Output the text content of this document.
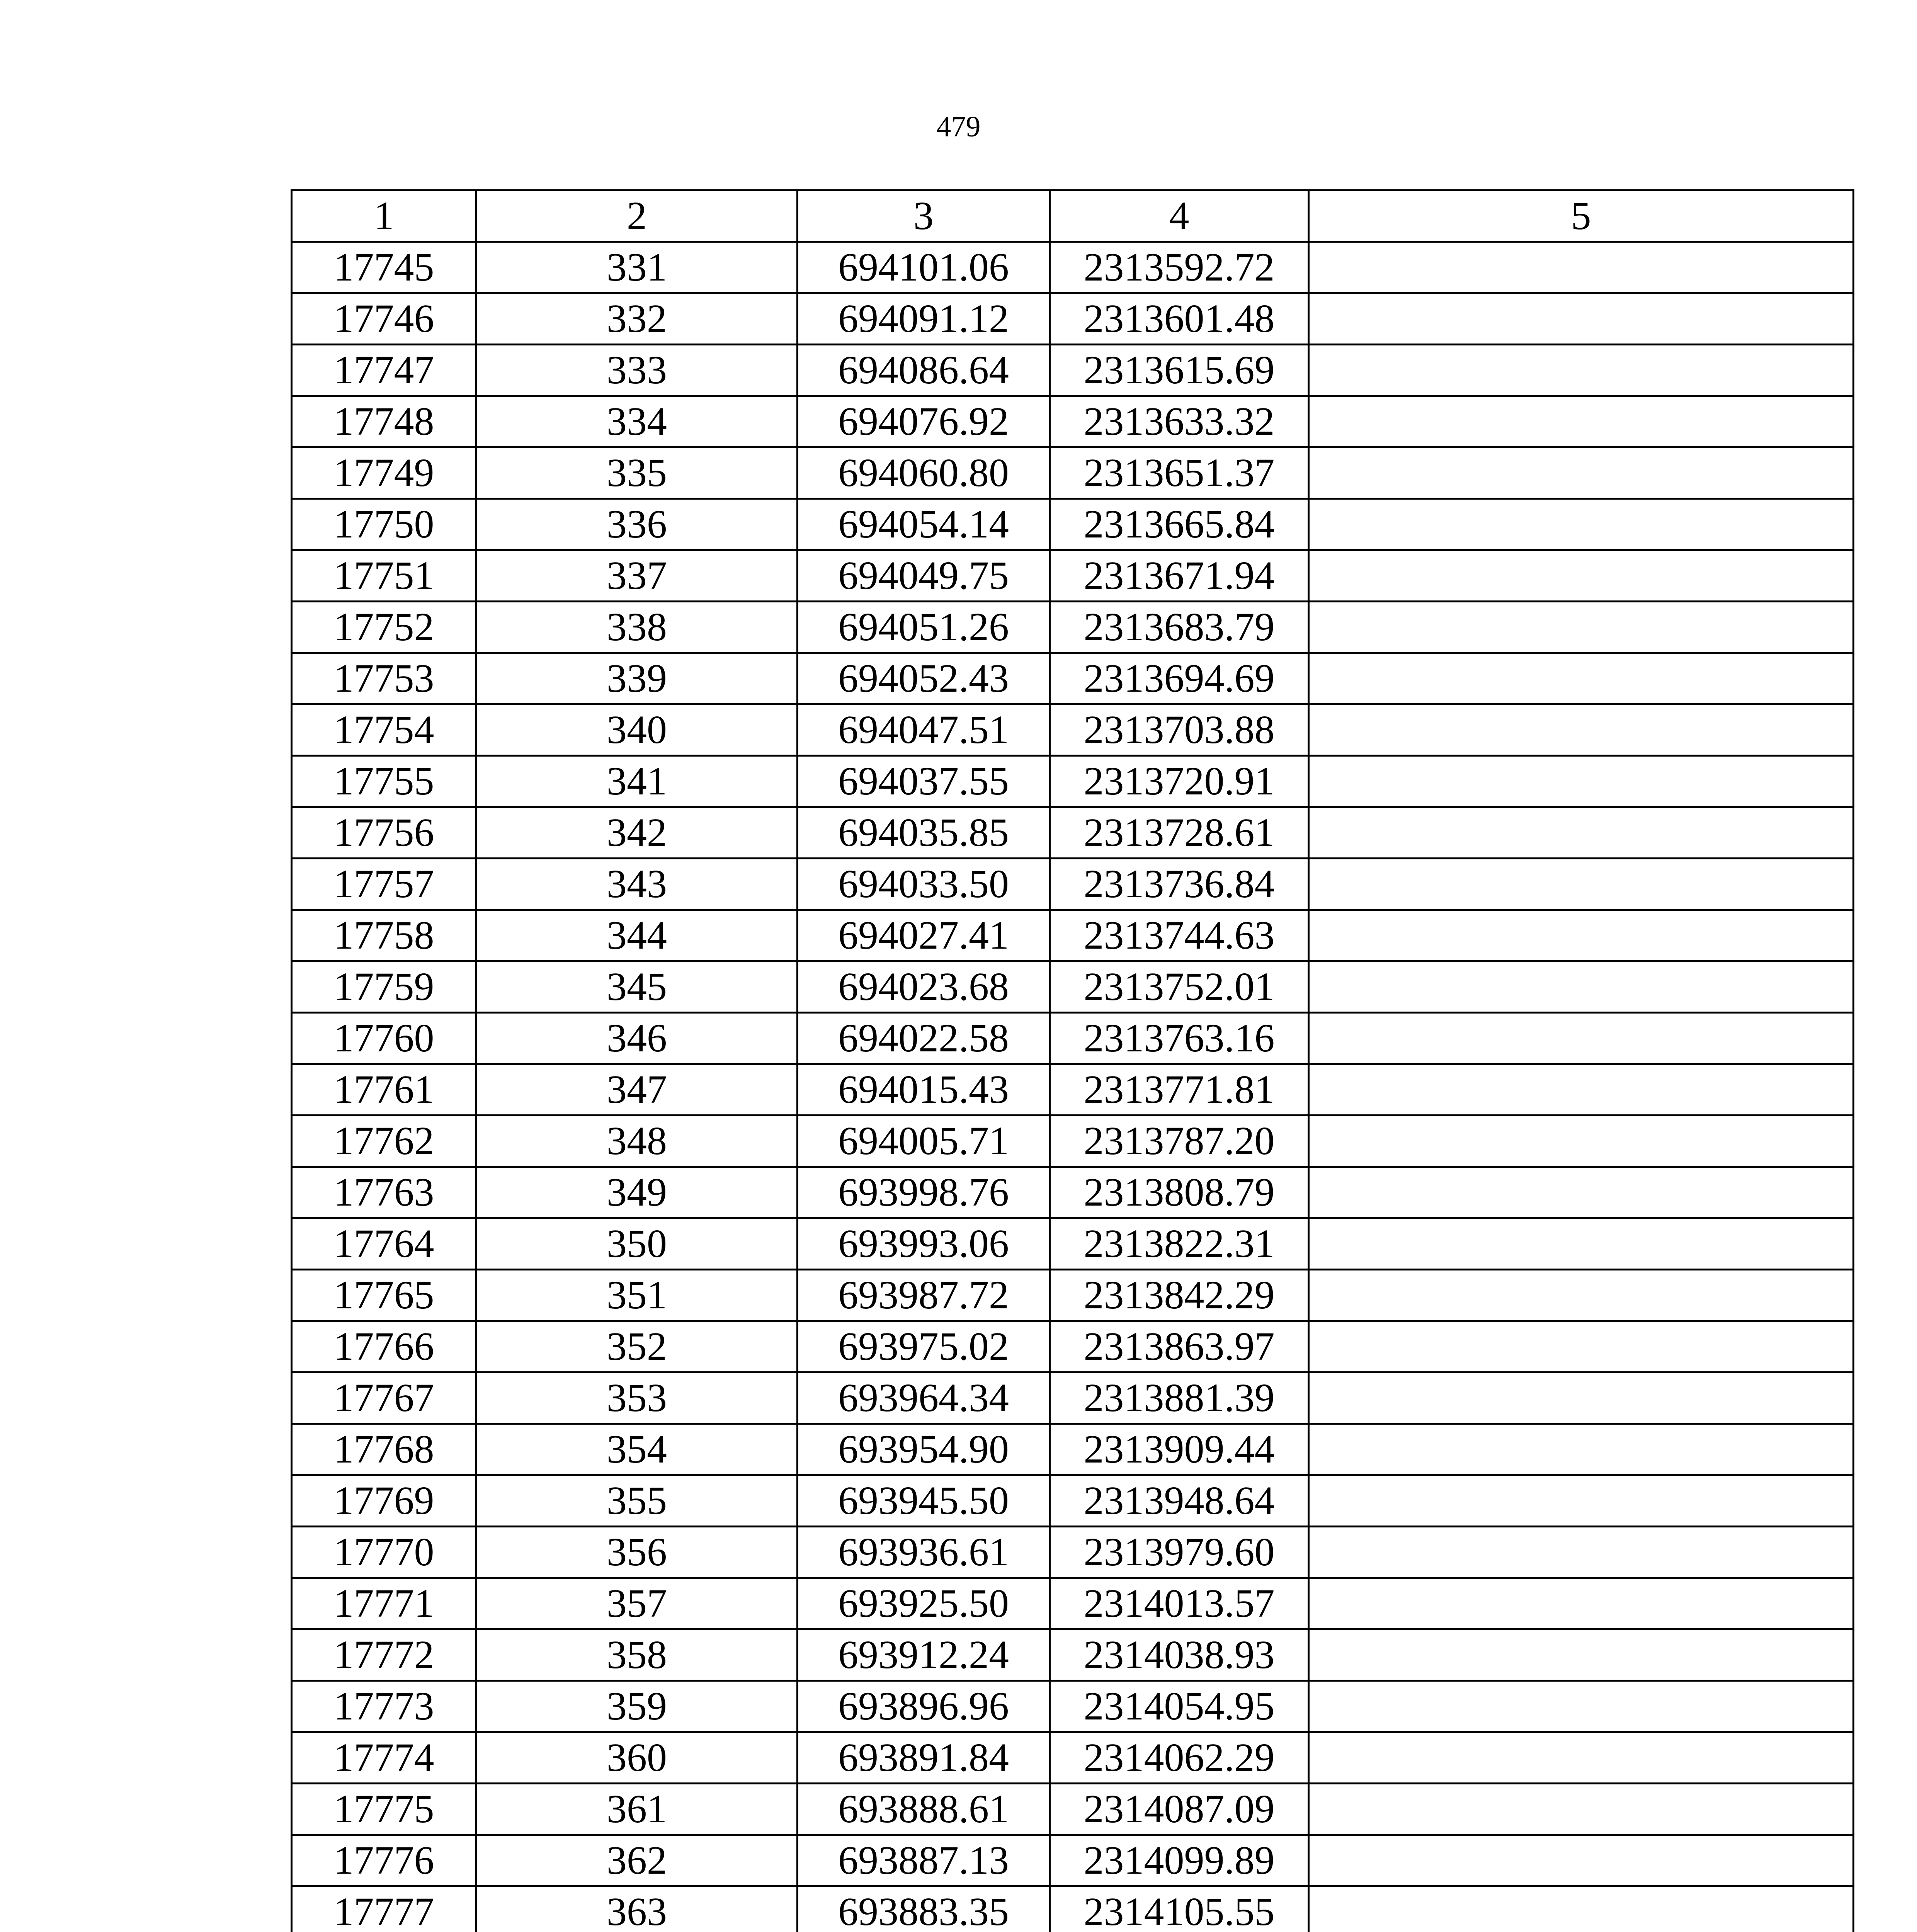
479
1	2	3	4	5
17745	331	694101.06	2313592.72	
17746	332	694091.12	2313601.48	
17747	333	694086.64	2313615.69	
17748	334	694076.92	2313633.32	
17749	335	694060.80	2313651.37	
17750	336	694054.14	2313665.84	
17751	337	694049.75	2313671.94	
17752	338	694051.26	2313683.79	
17753	339	694052.43	2313694.69	
17754	340	694047.51	2313703.88	
17755	341	694037.55	2313720.91	
17756	342	694035.85	2313728.61	
17757	343	694033.50	2313736.84	
17758	344	694027.41	2313744.63	
17759	345	694023.68	2313752.01	
17760	346	694022.58	2313763.16	
17761	347	694015.43	2313771.81	
17762	348	694005.71	2313787.20	
17763	349	693998.76	2313808.79	
17764	350	693993.06	2313822.31	
17765	351	693987.72	2313842.29	
17766	352	693975.02	2313863.97	
17767	353	693964.34	2313881.39	
17768	354	693954.90	2313909.44	
17769	355	693945.50	2313948.64	
17770	356	693936.61	2313979.60	
17771	357	693925.50	2314013.57	
17772	358	693912.24	2314038.93	
17773	359	693896.96	2314054.95	
17774	360	693891.84	2314062.29	
17775	361	693888.61	2314087.09	
17776	362	693887.13	2314099.89	
17777	363	693883.35	2314105.55	
